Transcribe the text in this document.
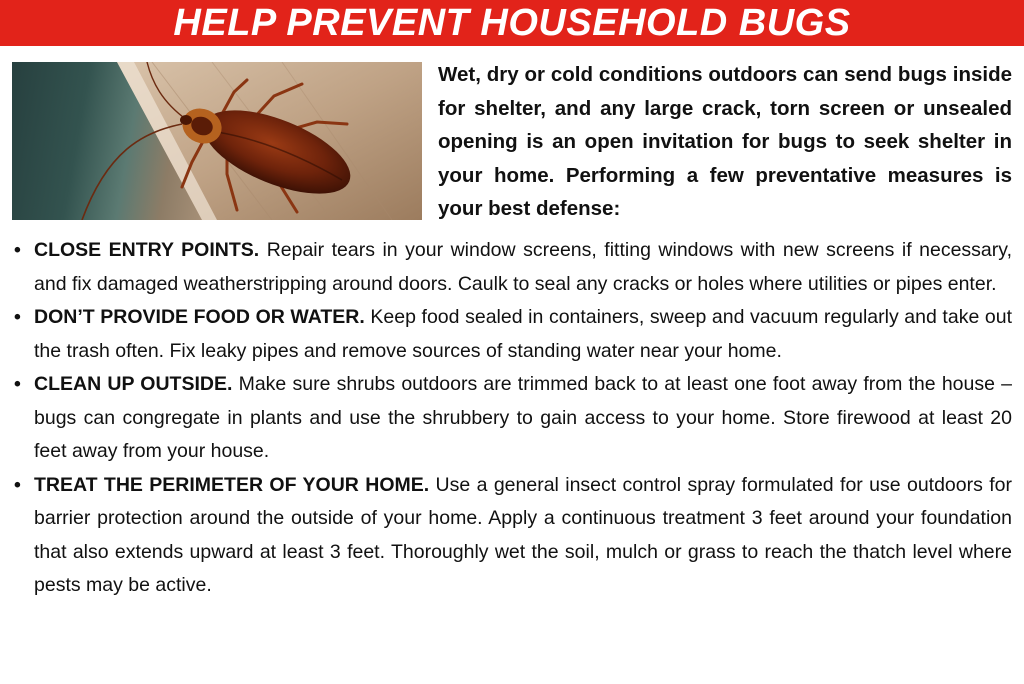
HELP PREVENT HOUSEHOLD BUGS
Wet, dry or cold conditions outdoors can send bugs inside for shelter, and any large crack, torn screen or unsealed opening is an open invitation for bugs to seek shelter in your home. Performing a few preventative measures is your best defense:
• CLOSE ENTRY POINTS. Repair tears in your window screens, fitting windows with new screens if necessary, and fix damaged weatherstripping around doors. Caulk to seal any cracks or holes where utilities or pipes enter.
• DON’T PROVIDE FOOD OR WATER. Keep food sealed in containers, sweep and vacuum regularly and take out the trash often. Fix leaky pipes and remove sources of standing water near your home.
• CLEAN UP OUTSIDE. Make sure shrubs outdoors are trimmed back to at least one foot away from the house – bugs can congregate in plants and use the shrubbery to gain access to your home. Store firewood at least 20 feet away from your house.
• TREAT THE PERIMETER OF YOUR HOME. Use a general insect control spray formulated for use outdoors for barrier protection around the outside of your home. Apply a continuous treatment 3 feet around your foundation that also extends upward at least 3 feet. Thoroughly wet the soil, mulch or grass to reach the thatch level where pests may be active.
